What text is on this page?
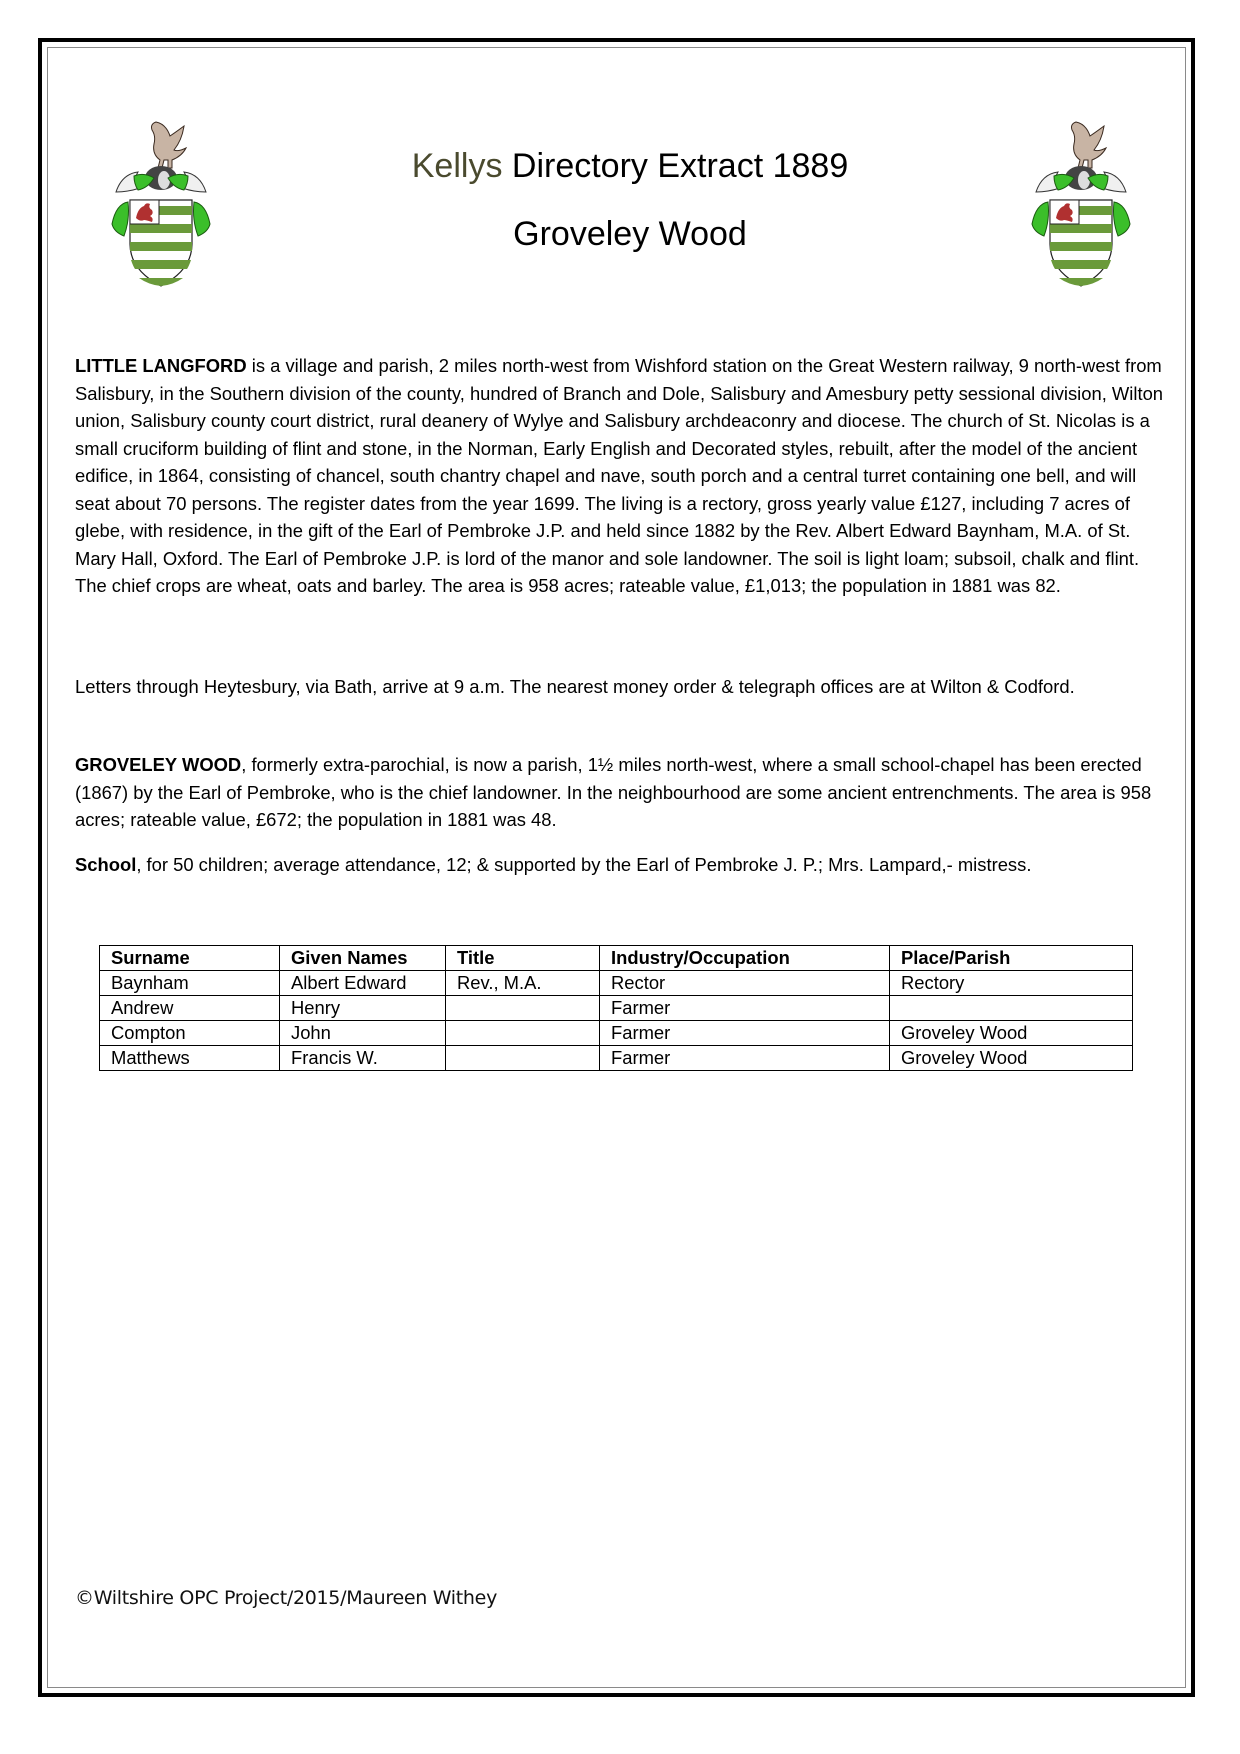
Kellys Directory Extract 1889
Groveley Wood

LITTLE LANGFORD is a village and parish, 2 miles north-west from Wishford station on the Great Western railway, 9 north-west from Salisbury, in the Southern division of the county, hundred of Branch and Dole, Salisbury and Amesbury petty sessional division, Wilton union, Salisbury county court district, rural deanery of Wylye and Salisbury archdeaconry and diocese. The church of St. Nicolas is a small cruciform building of flint and stone, in the Norman, Early English and Decorated styles, rebuilt, after the model of the ancient edifice, in 1864, consisting of chancel, south chantry chapel and nave, south porch and a central turret containing one bell, and will seat about 70 persons. The register dates from the year 1699. The living is a rectory, gross yearly value £127, including 7 acres of glebe, with residence, in the gift of the Earl of Pembroke J.P. and held since 1882 by the Rev. Albert Edward Baynham, M.A. of St. Mary Hall, Oxford. The Earl of Pembroke J.P. is lord of the manor and sole landowner. The soil is light loam; subsoil, chalk and flint. The chief crops are wheat, oats and barley. The area is 958 acres; rateable value, £1,013; the population in 1881 was 82.

Letters through Heytesbury, via Bath, arrive at 9 a.m. The nearest money order & telegraph offices are at Wilton & Codford.

GROVELEY WOOD, formerly extra-parochial, is now a parish, 1½ miles north-west, where a small school-chapel has been erected (1867) by the Earl of Pembroke, who is the chief landowner. In the neighbourhood are some ancient entrenchments. The area is 958 acres; rateable value, £672; the population in 1881 was 48.

School, for 50 children; average attendance, 12; & supported by the Earl of Pembroke J. P.; Mrs. Lampard,- mistress.

Surname	Given Names	Title	Industry/Occupation	Place/Parish
Baynham	Albert Edward	Rev., M.A.	Rector	Rectory
Andrew	Henry		Farmer	
Compton	John		Farmer	Groveley Wood
Matthews	Francis W.		Farmer	Groveley Wood
©Wiltshire OPC Project/2015/Maureen Withey
